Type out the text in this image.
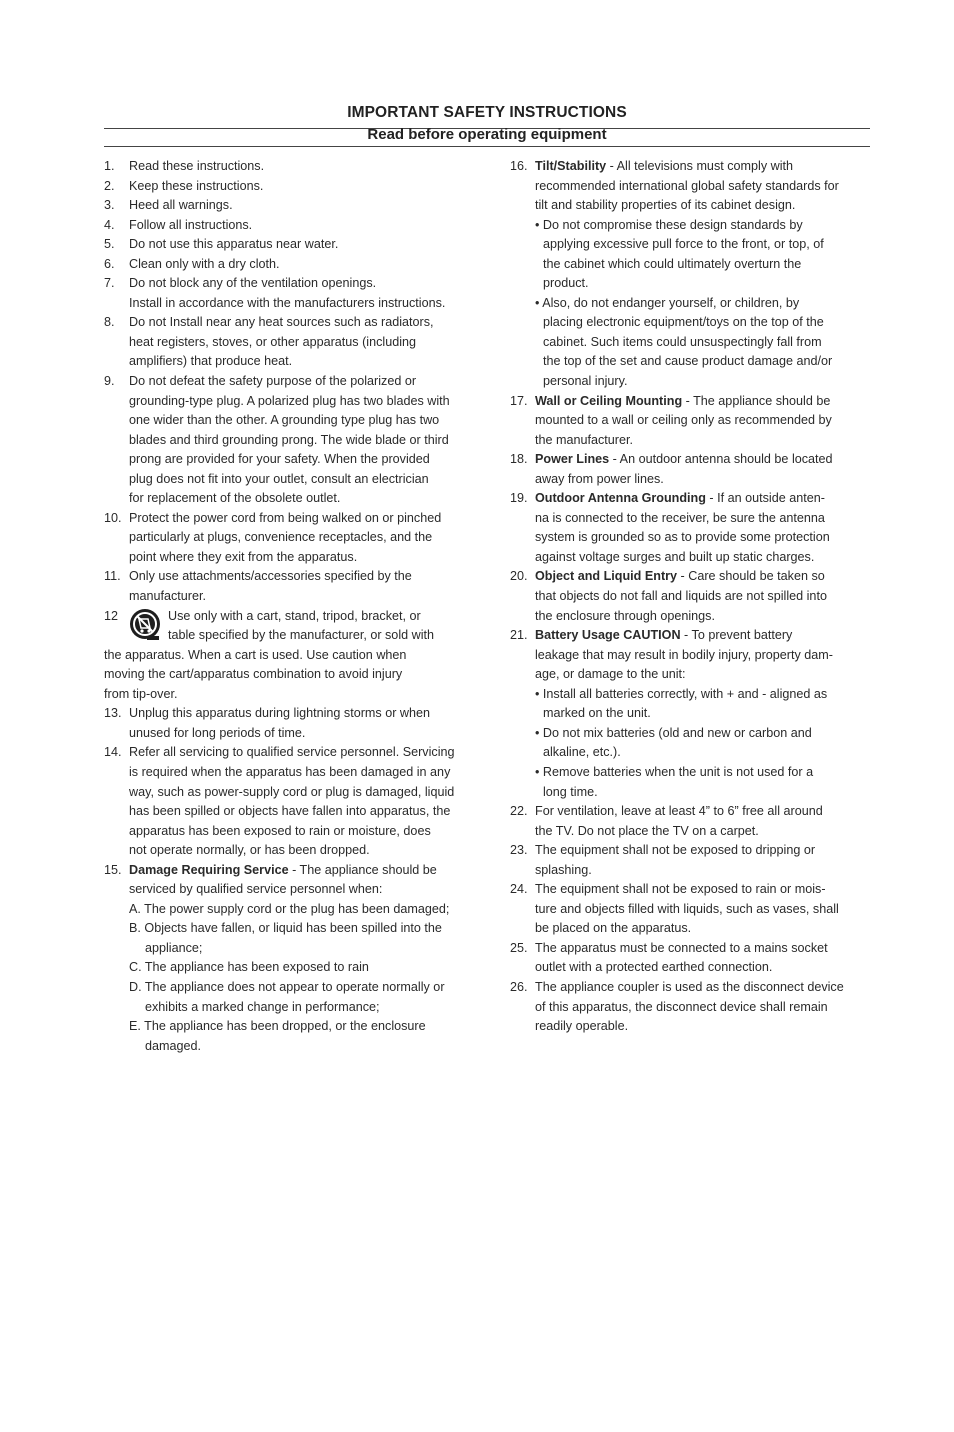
IMPORTANT SAFETY INSTRUCTIONS
Read before operating equipment
1. Read these instructions.
2. Keep these instructions.
3. Heed all warnings.
4. Follow all instructions.
5. Do not use this apparatus near water.
6. Clean only with a dry cloth.
7. Do not block any of the ventilation openings.
Install in accordance with the manufacturers instructions.
8. Do not Install near any heat sources such as radiators,
heat registers, stoves, or other apparatus (including
amplifiers) that produce heat.
9. Do not defeat the safety purpose of the polarized or
grounding-type plug. A polarized plug has two blades with
one wider than the other. A grounding type plug has two
blades and third grounding prong. The wide blade or third
prong are provided for your safety. When the provided
plug does not fit into your outlet, consult an electrician
for replacement of the obsolete outlet.
10. Protect the power cord from being walked on or pinched
particularly at plugs, convenience receptacles, and the
point where they exit from the apparatus.
11. Only use attachments/accessories specified by the
manufacturer.
12	Use only with a cart, stand, tripod, bracket, or
table specified by the manufacturer, or sold with
the apparatus. When a cart is used. Use caution when
moving the cart/apparatus combination to avoid injury
from tip-over.
13. Unplug this apparatus during lightning storms or when
unused for long periods of time.
14. Refer all servicing to qualified service personnel. Servicing
is required when the apparatus has been damaged in any
way, such as power-supply cord or plug is damaged, liquid
has been spilled or objects have fallen into apparatus, the
apparatus has been exposed to rain or moisture, does
not operate normally, or has been dropped.
15. Damage Requiring Service - The appliance should be
serviced by qualified service personnel when:
A. The power supply cord or the plug has been damaged;
B. Objects have fallen, or liquid has been spilled into the
appliance;
C. The appliance has been exposed to rain
D. The appliance does not appear to operate normally or
exhibits a marked change in performance;
E. The appliance has been dropped, or the enclosure
damaged.
16. Tilt/Stability - All televisions must comply with
recommended international global safety standards for
tilt and stability properties of its cabinet design.
• Do not compromise these design standards by
applying excessive pull force to the front, or top, of
the cabinet which could ultimately overturn the
product.
• Also, do not endanger yourself, or children, by
placing electronic equipment/toys on the top of the
cabinet. Such items could unsuspectingly fall from
the top of the set and cause product damage and/or
personal injury.
17. Wall or Ceiling Mounting - The appliance should be
mounted to a wall or ceiling only as recommended by
the manufacturer.
18. Power Lines - An outdoor antenna should be located
away from power lines.
19. Outdoor Antenna Grounding - If an outside anten-
na is connected to the receiver, be sure the antenna
system is grounded so as to provide some protection
against voltage surges and built up static charges.
20. Object and Liquid Entry - Care should be taken so
that objects do not fall and liquids are not spilled into
the enclosure through openings.
21. Battery Usage CAUTION - To prevent battery
leakage that may result in bodily injury, property dam-
age, or damage to the unit:
• Install all batteries correctly, with + and - aligned as
marked on the unit.
• Do not mix batteries (old and new or carbon and
alkaline, etc.).
• Remove batteries when the unit is not used for a
long time.
22. For ventilation, leave at least 4” to 6” free all around
the TV. Do not place the TV on a carpet.
23. The equipment shall not be exposed to dripping or
splashing.
24. The equipment shall not be exposed to rain or mois-
ture and objects filled with liquids, such as vases, shall
be placed on the apparatus.
25. The apparatus must be connected to a mains socket
outlet with a protected earthed connection.
26. The appliance coupler is used as the disconnect device
of this apparatus, the disconnect device shall remain
readily operable.
